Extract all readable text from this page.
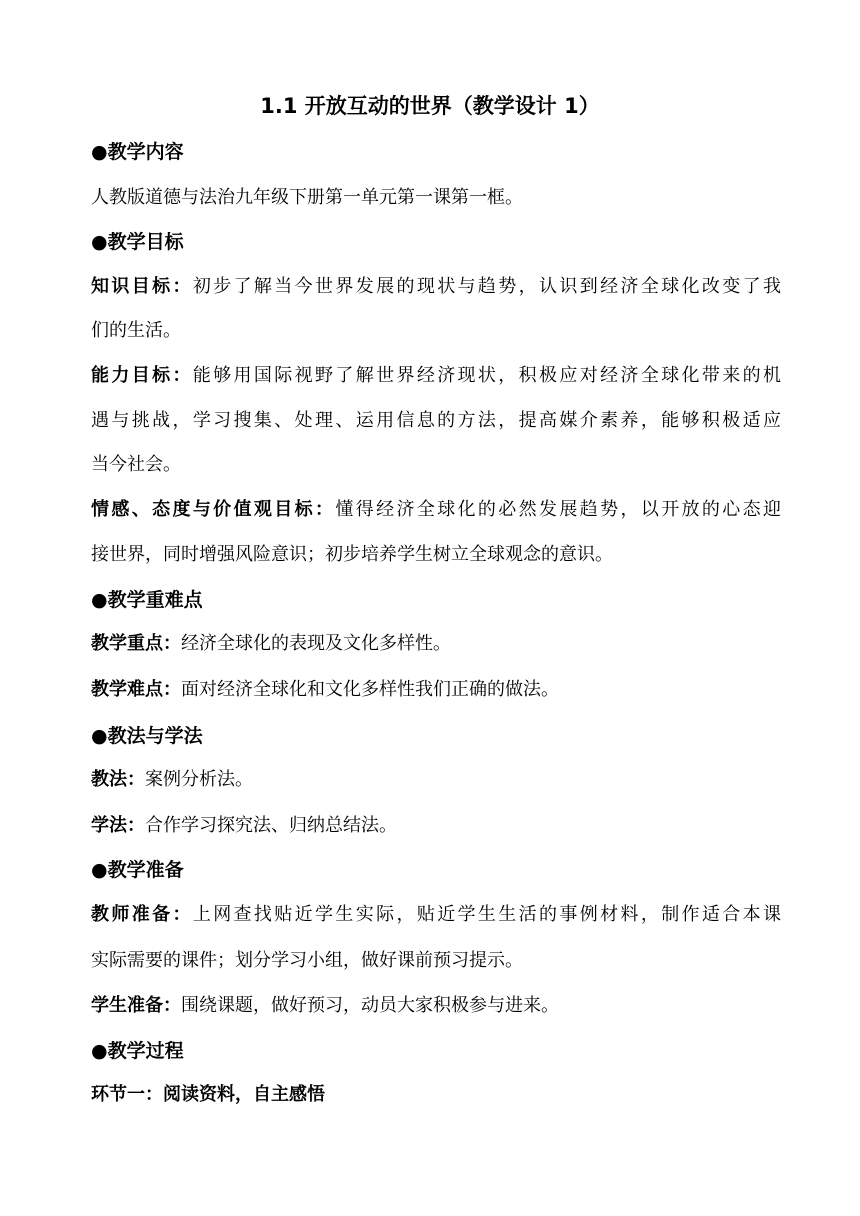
1.1 开放互动的世界（教学设计 1）
●教学内容
人教版道德与法治九年级下册第一单元第一课第一框。
●教学目标
知识目标：初步了解当今世界发展的现状与趋势，认识到经济全球化改变了我
们的生活。
能力目标：能够用国际视野了解世界经济现状，积极应对经济全球化带来的机
遇与挑战，学习搜集、处理、运用信息的方法，提高媒介素养，能够积极适应
当今社会。
情感、态度与价值观目标：懂得经济全球化的必然发展趋势，以开放的心态迎
接世界，同时增强风险意识；初步培养学生树立全球观念的意识。
●教学重难点
教学重点：经济全球化的表现及文化多样性。
教学难点：面对经济全球化和文化多样性我们正确的做法。
●教法与学法
教法：案例分析法。
学法：合作学习探究法、归纳总结法。
●教学准备
教师准备：上网查找贴近学生实际，贴近学生生活的事例材料，制作适合本课
实际需要的课件；划分学习小组，做好课前预习提示。
学生准备：围绕课题，做好预习，动员大家积极参与进来。
●教学过程
环节一：阅读资料，自主感悟
